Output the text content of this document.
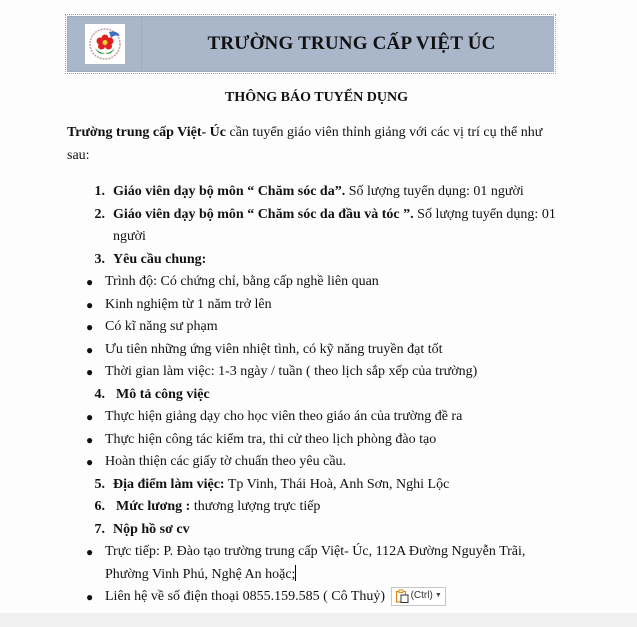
TRƯỜNG TRUNG CẤP VIỆT ÚC
THÔNG BÁO TUYỂN DỤNG

Trường trung cấp Việt- Úc cần tuyển giáo viên thỉnh giảng với các vị trí cụ thể như sau:

1. Giáo viên dạy bộ môn “ Chăm sóc da”. Số lượng tuyển dụng: 01 người
2. Giáo viên dạy bộ môn “ Chăm sóc da đầu và tóc ”. Số lượng tuyển dụng: 01 người
3. Yêu cầu chung:
● Trình độ: Có chứng chỉ, bằng cấp nghề liên quan
● Kinh nghiệm từ 1 năm trở lên
● Có kĩ năng sư phạm
● Ưu tiên những ứng viên nhiệt tình, có kỹ năng truyền đạt tốt
● Thời gian làm việc: 1-3 ngày / tuần ( theo lịch sắp xếp của trường)
4. Mô tả công việc
● Thực hiện giảng dạy cho học viên theo giáo án của trường đề ra
● Thực hiện công tác kiểm tra, thi cử theo lịch phòng đào tạo
● Hoàn thiện các giấy tờ chuẩn theo yêu cầu.
5. Địa điểm làm việc: Tp Vinh, Thái Hoà, Anh Sơn, Nghi Lộc
6. Mức lương : thương lượng trực tiếp
7. Nộp hồ sơ cv
● Trực tiếp: P. Đào tạo trường trung cấp Việt- Úc, 112A Đường Nguyễn Trãi, Phường Vinh Phú, Nghệ An hoặc;
● Liên hệ về số điện thoại 0855.159.585 ( Cô Thuỷ)	(Ctrl) ▼
